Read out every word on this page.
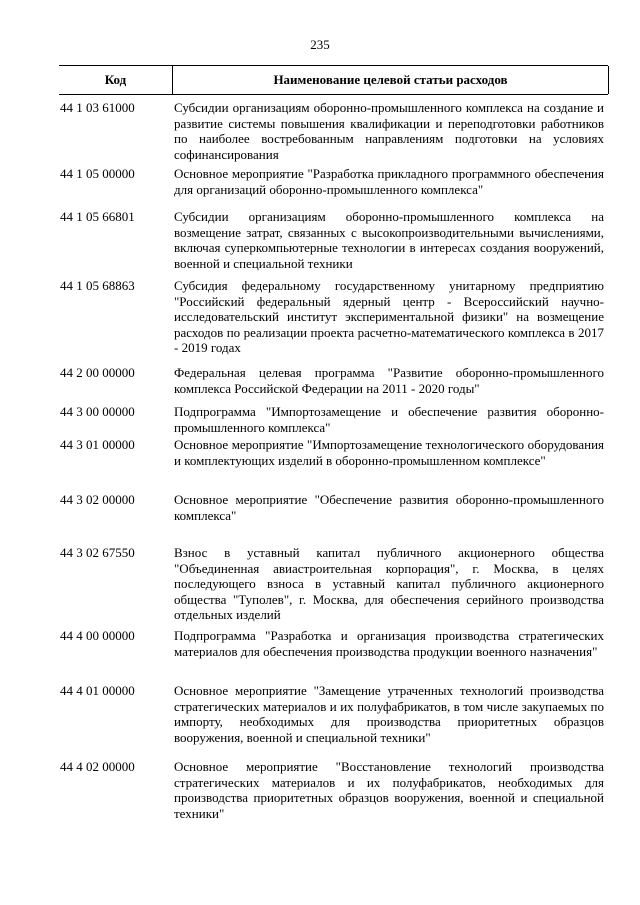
235
Код	Наименование целевой статьи расходов
44 1 03 61000	Субсидии организациям оборонно-промышленного комплекса на создание и развитие системы повышения квалификации и переподготовки работников по наиболее востребованным направлениям подготовки на условиях софинансирования
44 1 05 00000	Основное мероприятие "Разработка прикладного программного обеспечения для организаций оборонно-промышленного комплекса"
44 1 05 66801	Субсидии организациям оборонно-промышленного комплекса на возмещение затрат, связанных с высокопроизводительными вычислениями, включая суперкомпьютерные технологии в интересах создания вооружений, военной и специальной техники
44 1 05 68863	Субсидия федеральному государственному унитарному предприятию "Российский федеральный ядерный центр - Всероссийский научно-исследовательский институт экспериментальной физики" на возмещение расходов по реализации проекта расчетно-математического комплекса в 2017 - 2019 годах
44 2 00 00000	Федеральная целевая программа "Развитие оборонно-промышленного комплекса Российской Федерации на 2011 - 2020 годы"
44 3 00 00000	Подпрограмма "Импортозамещение и обеспечение развития оборонно-промышленного комплекса"
44 3 01 00000	Основное мероприятие "Импортозамещение технологического оборудования и комплектующих изделий в оборонно-промышленном комплексе"
44 3 02 00000	Основное мероприятие "Обеспечение развития оборонно-промышленного комплекса"
44 3 02 67550	Взнос в уставный капитал публичного акционерного общества "Объединенная авиастроительная корпорация", г. Москва, в целях последующего взноса в уставный капитал публичного акционерного общества "Туполев", г. Москва, для обеспечения серийного производства отдельных изделий
44 4 00 00000	Подпрограмма "Разработка и организация производства стратегических материалов для обеспечения производства продукции военного назначения"
44 4 01 00000	Основное мероприятие "Замещение утраченных технологий производства стратегических материалов и их полуфабрикатов, в том числе закупаемых по импорту, необходимых для производства приоритетных образцов вооружения, военной и специальной техники"
44 4 02 00000	Основное мероприятие "Восстановление технологий производства стратегических материалов и их полуфабрикатов, необходимых для производства приоритетных образцов вооружения, военной и специальной техники"
